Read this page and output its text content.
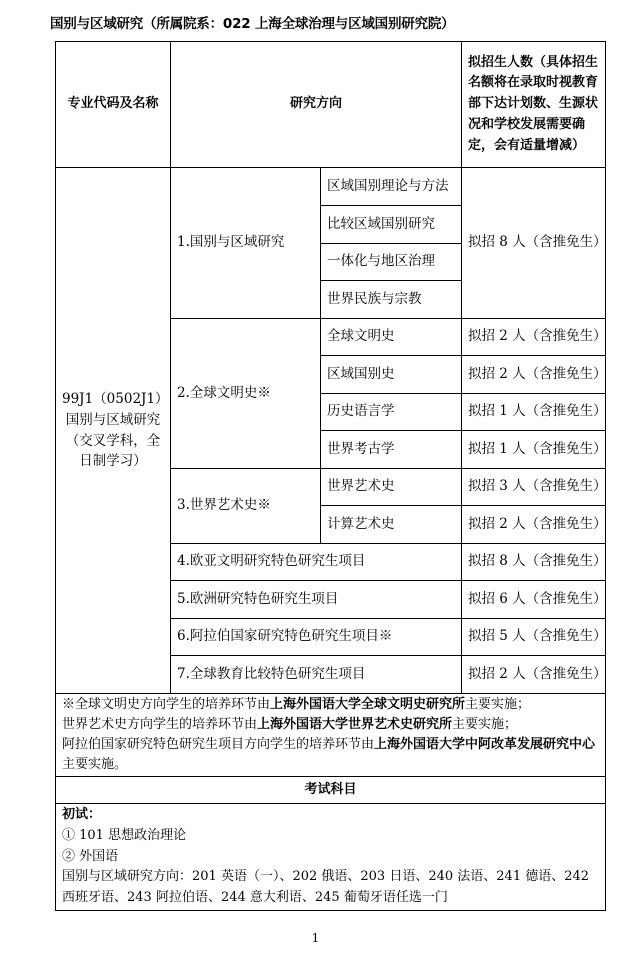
国别与区域研究（所属院系：022 上海全球治理与区域国别研究院）
专业代码及名称	研究方向		拟招生人数（具体招生名额将在录取时视教育部下达计划数、生源状况和学校发展需要确定，会有适量增减）

99J1（0502J1）
国别与区域研究
（交叉学科，全
日制学习）	1.国别与区域研究	区域国别理论与方法	拟招 8 人（含推免生）
		比较区域国别研究	
		一体化与地区治理	
		世界民族与宗教	
	2.全球文明史※	全球文明史	拟招 2 人（含推免生）
		区域国别史	拟招 2 人（含推免生）
		历史语言学	拟招 1 人（含推免生）
		世界考古学	拟招 1 人（含推免生）
	3.世界艺术史※	世界艺术史	拟招 3 人（含推免生）
		计算艺术史	拟招 2 人（含推免生）
	4.欧亚文明研究特色研究生项目		拟招 8 人（含推免生）
	5.欧洲研究特色研究生项目		拟招 6 人（含推免生）
	6.阿拉伯国家研究特色研究生项目※		拟招 5 人（含推免生）
	7.全球教育比较特色研究生项目		拟招 2 人（含推免生）

※全球文明史方向学生的培养环节由上海外国语大学全球文明史研究所主要实施；
世界艺术史方向学生的培养环节由上海外国语大学世界艺术史研究所主要实施；
阿拉伯国家研究特色研究生项目方向学生的培养环节由上海外国语大学中阿改革发展研究中心主要实施。			

考试科目			

初试：
① 101 思想政治理论
② 外国语
国别与区域研究方向：201 英语（一）、202 俄语、203 日语、240 法语、241 德语、242 西班牙语、243 阿拉伯语、244 意大利语、245 葡萄牙语任选一门			
1
